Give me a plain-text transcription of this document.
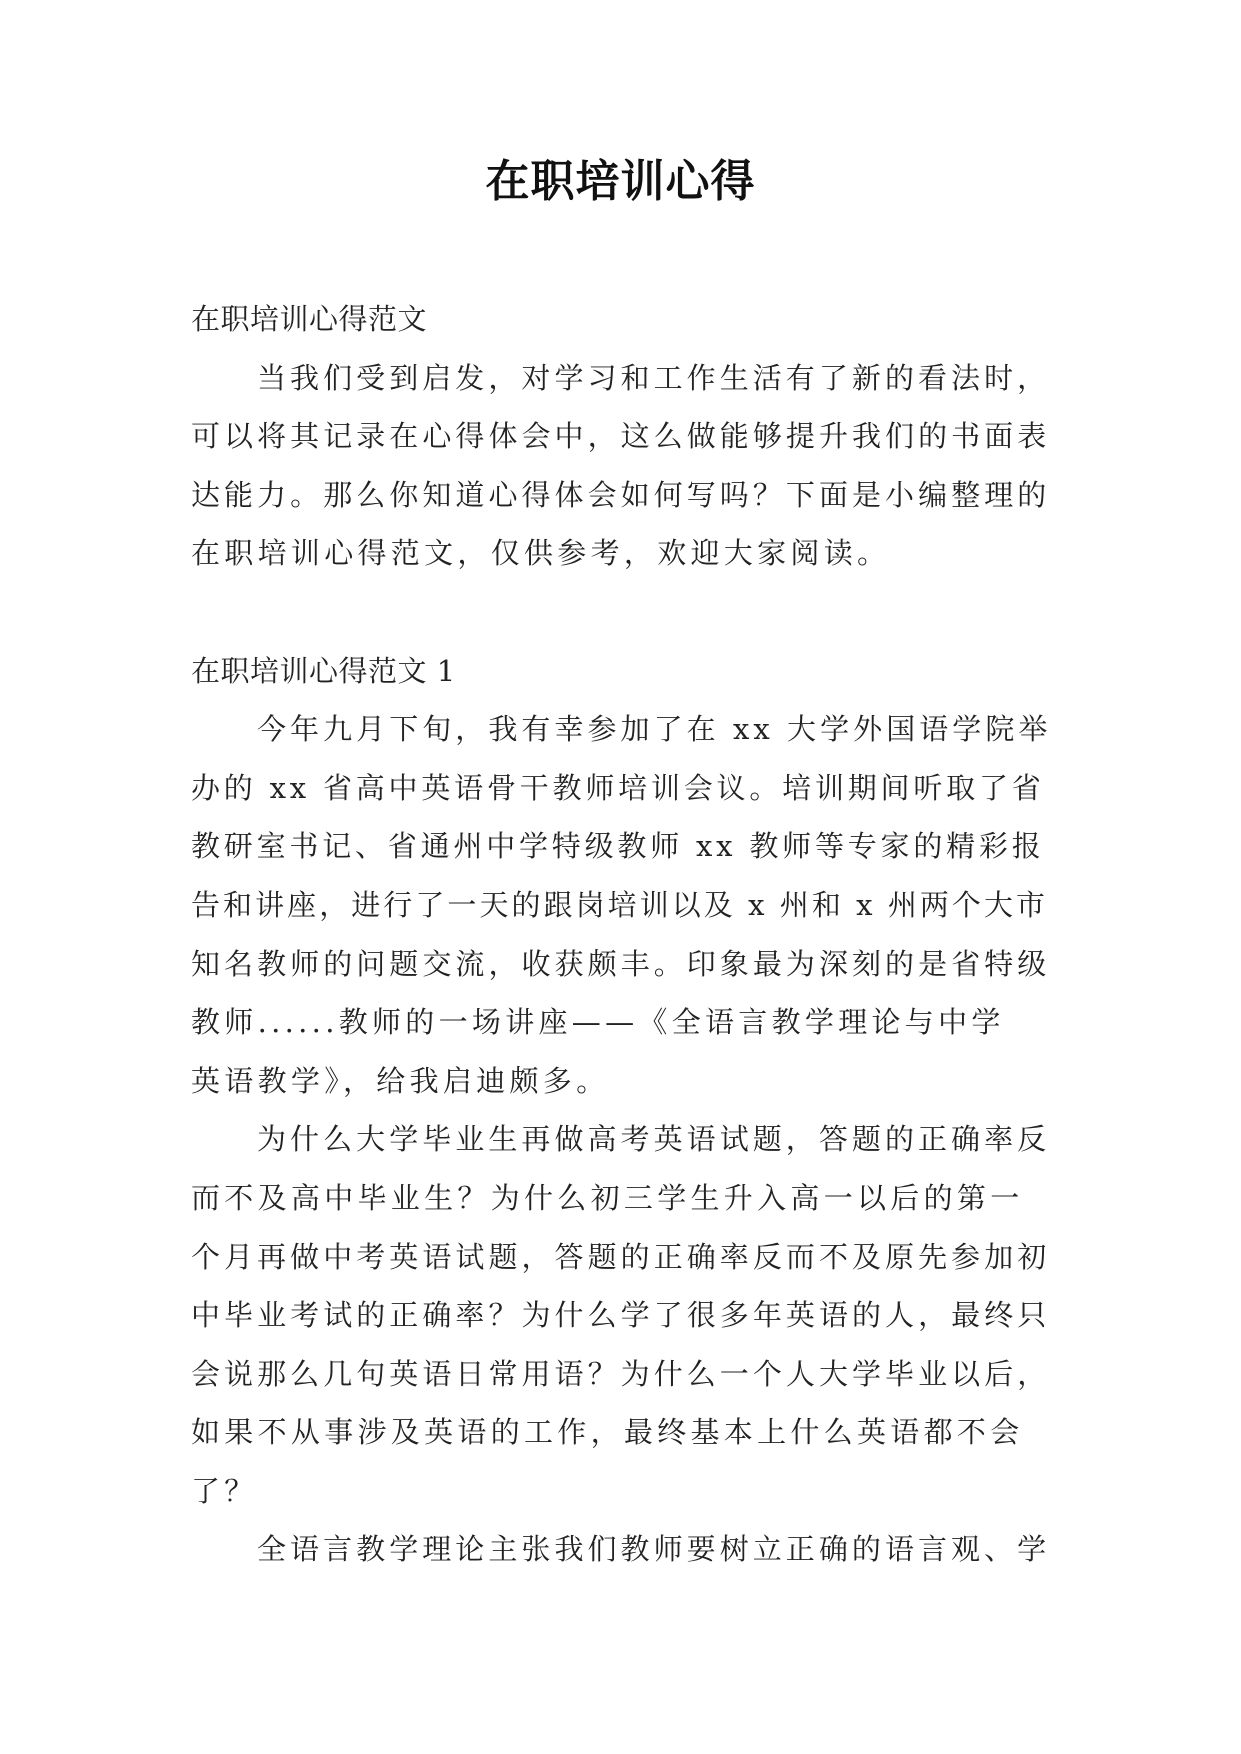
在职培训心得

在职培训心得范文

当我们受到启发，对学习和工作生活有了新的看法时，

可以将其记录在心得体会中，这么做能够提升我们的书面表

达能力。那么你知道心得体会如何写吗？下面是小编整理的

在职培训心得范文，仅供参考，欢迎大家阅读。

在职培训心得范文 1

今年九月下旬，我有幸参加了在 xx 大学外国语学院举

办的 xx 省高中英语骨干教师培训会议。培训期间听取了省

教研室书记、省通州中学特级教师 xx 教师等专家的精彩报

告和讲座，进行了一天的跟岗培训以及 x 州和 x 州两个大市

知名教师的问题交流，收获颇丰。印象最为深刻的是省特级

教师......教师的一场讲座——《全语言教学理论与中学

英语教学》，给我启迪颇多。

为什么大学毕业生再做高考英语试题，答题的正确率反

而不及高中毕业生？为什么初三学生升入高一以后的第一

个月再做中考英语试题，答题的正确率反而不及原先参加初

中毕业考试的正确率？为什么学了很多年英语的人，最终只

会说那么几句英语日常用语？为什么一个人大学毕业以后，

如果不从事涉及英语的工作，最终基本上什么英语都不会

了？

全语言教学理论主张我们教师要树立正确的语言观、学
